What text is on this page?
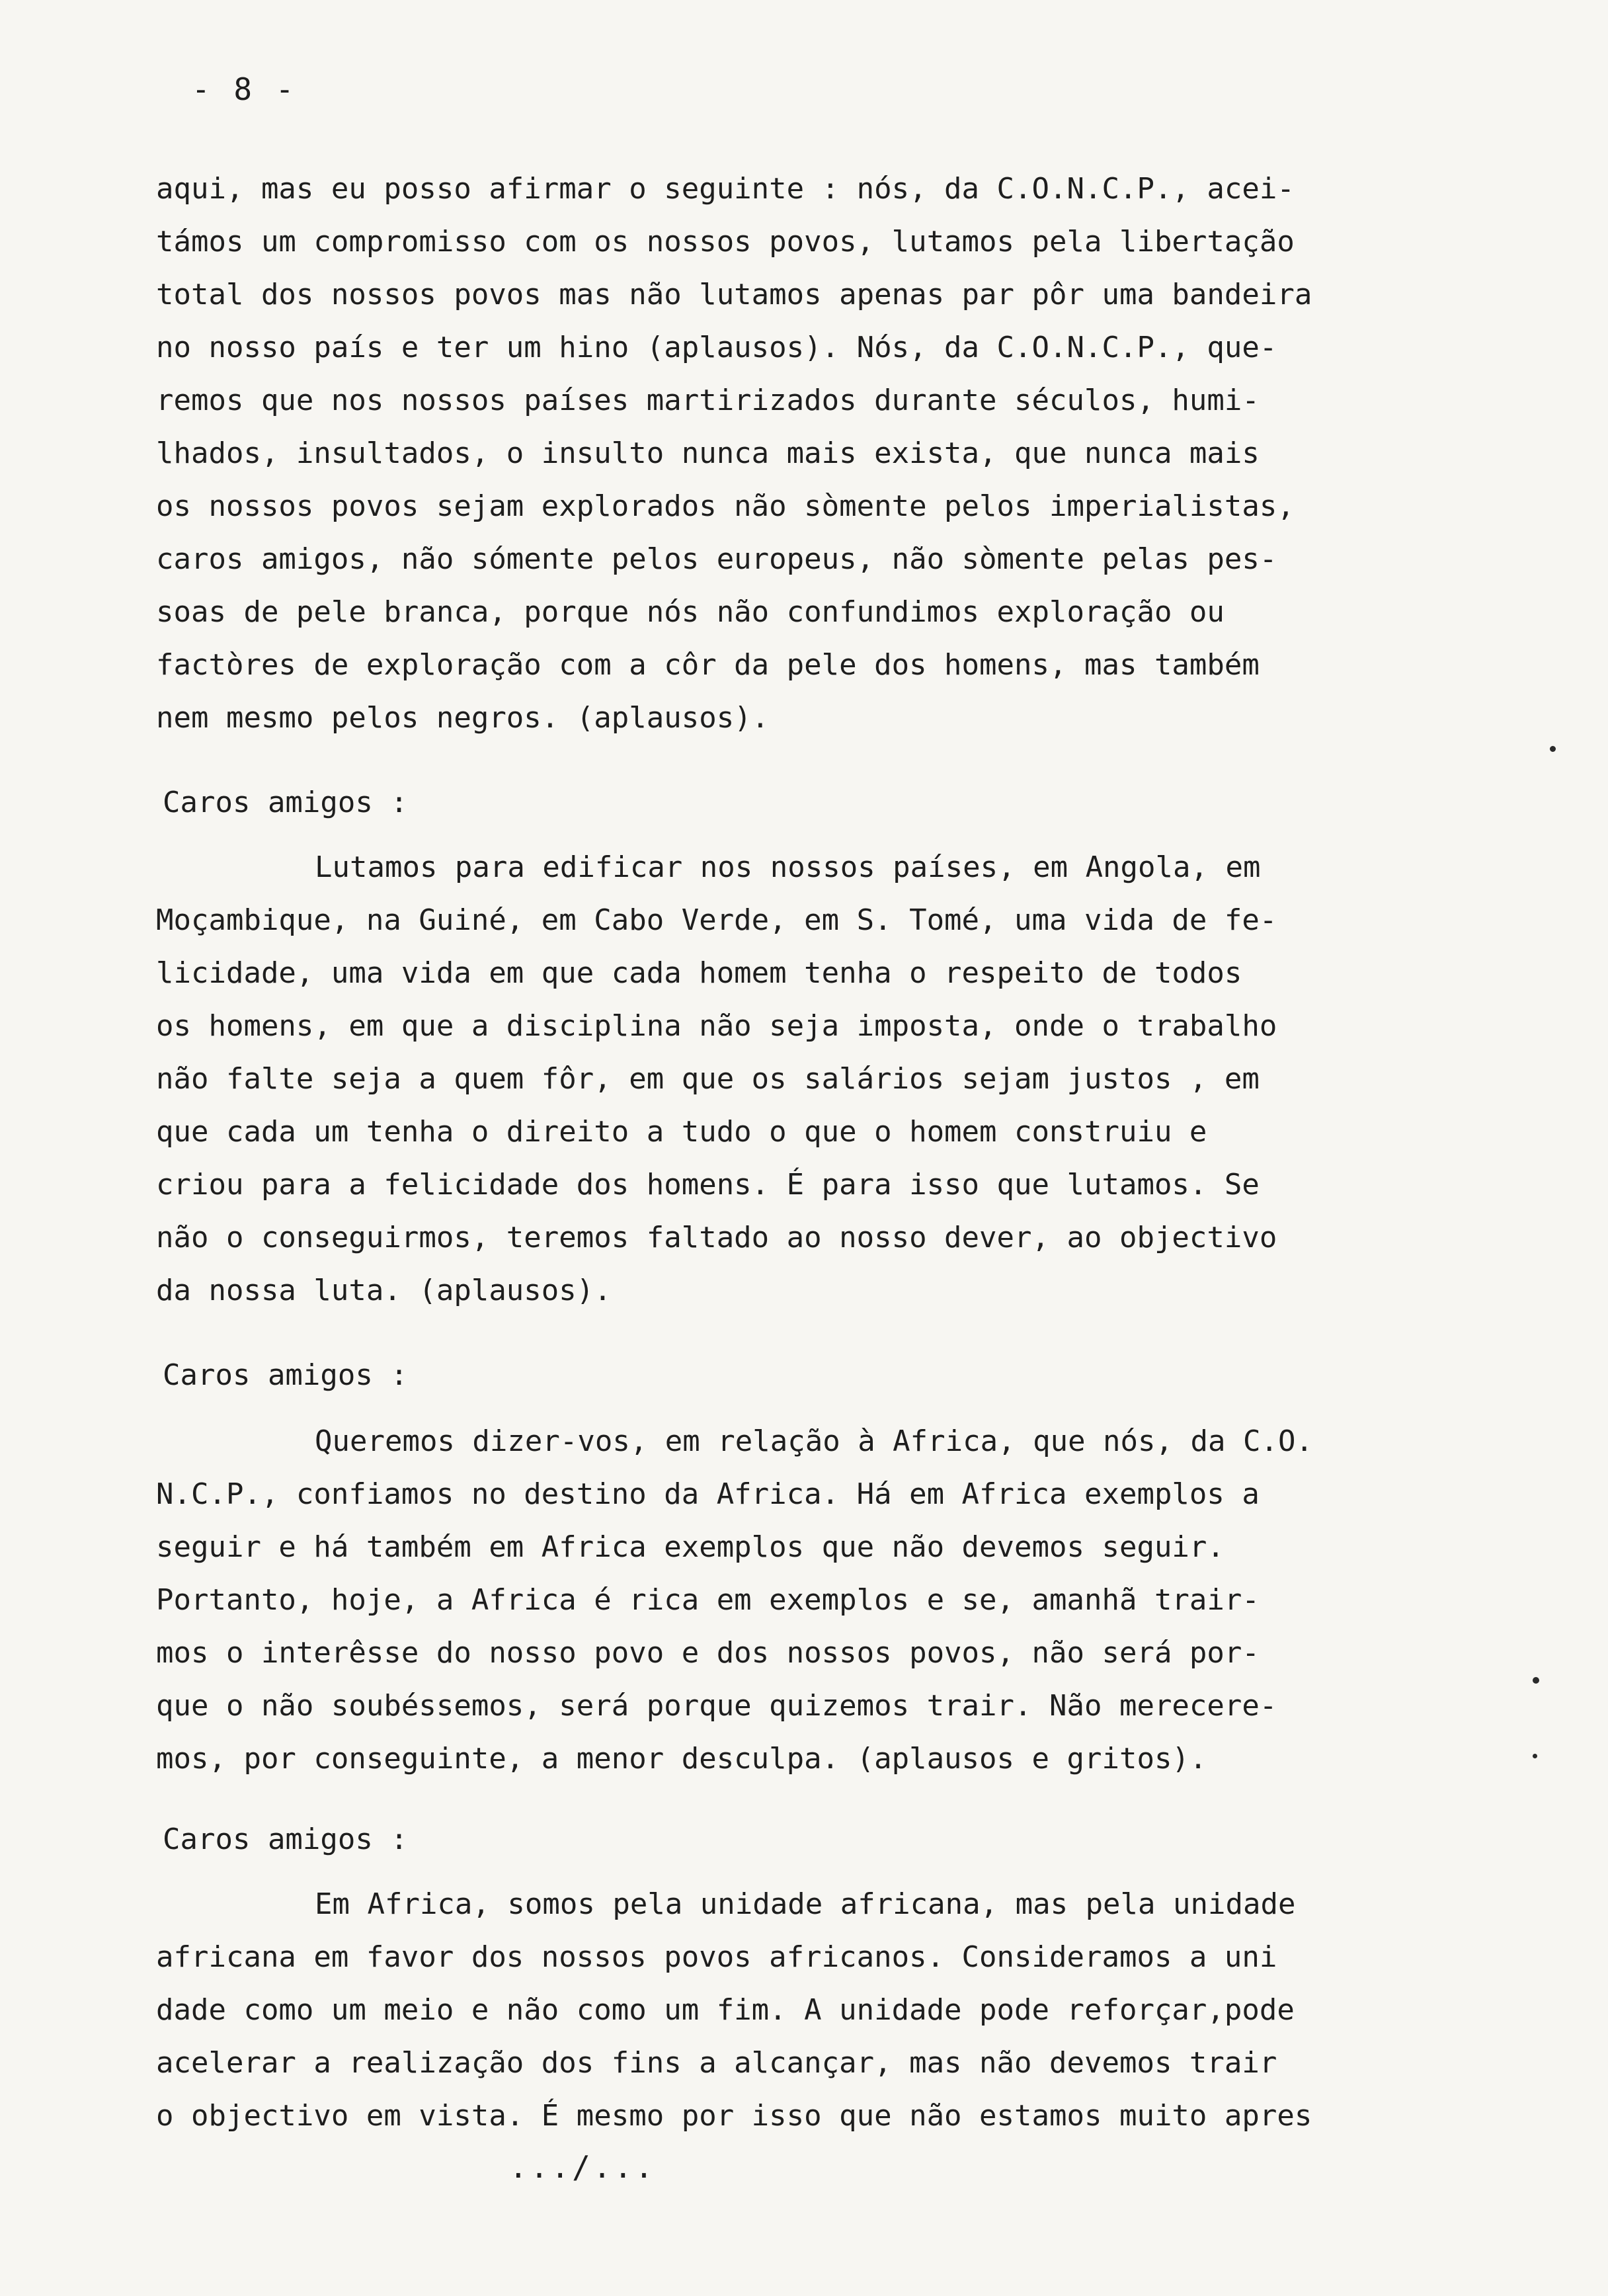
- 8 -
aqui, mas eu posso afirmar o seguinte : nós, da C.O.N.C.P., acei-
támos um compromisso com os nossos povos, lutamos pela libertação
total dos nossos povos mas não lutamos apenas par pôr uma bandeira
no nosso país e ter um hino (aplausos). Nós, da C.O.N.C.P., que-
remos que nos nossos países martirizados durante séculos, humi-
lhados, insultados, o insulto nunca mais exista, que nunca mais
os nossos povos sejam explorados não sòmente pelos imperialistas,
caros amigos, não sómente pelos europeus, não sòmente pelas pes-
soas de pele branca, porque nós não confundimos exploração ou
factòres de exploração com a côr da pele dos homens, mas também
nem mesmo pelos negros. (aplausos).
Caros amigos :
Lutamos para edificar nos nossos países, em Angola, em
Moçambique, na Guiné, em Cabo Verde, em S. Tomé, uma vida de fe-
licidade, uma vida em que cada homem tenha o respeito de todos
os homens, em que a disciplina não seja imposta, onde o trabalho
não falte seja a quem fôr, em que os salários sejam justos , em
que cada um tenha o direito a tudo o que o homem construiu e
criou para a felicidade dos homens. É para isso que lutamos. Se
não o conseguirmos, teremos faltado ao nosso dever, ao objectivo
da nossa luta. (aplausos).
Caros amigos :
Queremos dizer-vos, em relação à Africa, que nós, da C.O.
N.C.P., confiamos no destino da Africa. Há em Africa exemplos a
seguir e há também em Africa exemplos que não devemos seguir.
Portanto, hoje, a Africa é rica em exemplos e se, amanhã trair-
mos o interêsse do nosso povo e dos nossos povos, não será por-
que o não soubéssemos, será porque quizemos trair. Não merecere-
mos, por conseguinte, a menor desculpa. (aplausos e gritos).
Caros amigos :
Em Africa, somos pela unidade africana, mas pela unidade
africana em favor dos nossos povos africanos. Consideramos a uni
dade como um meio e não como um fim. A unidade pode reforçar,pode
acelerar a realização dos fins a alcançar, mas não devemos trair
o objectivo em vista. É mesmo por isso que não estamos muito apres
.../...
